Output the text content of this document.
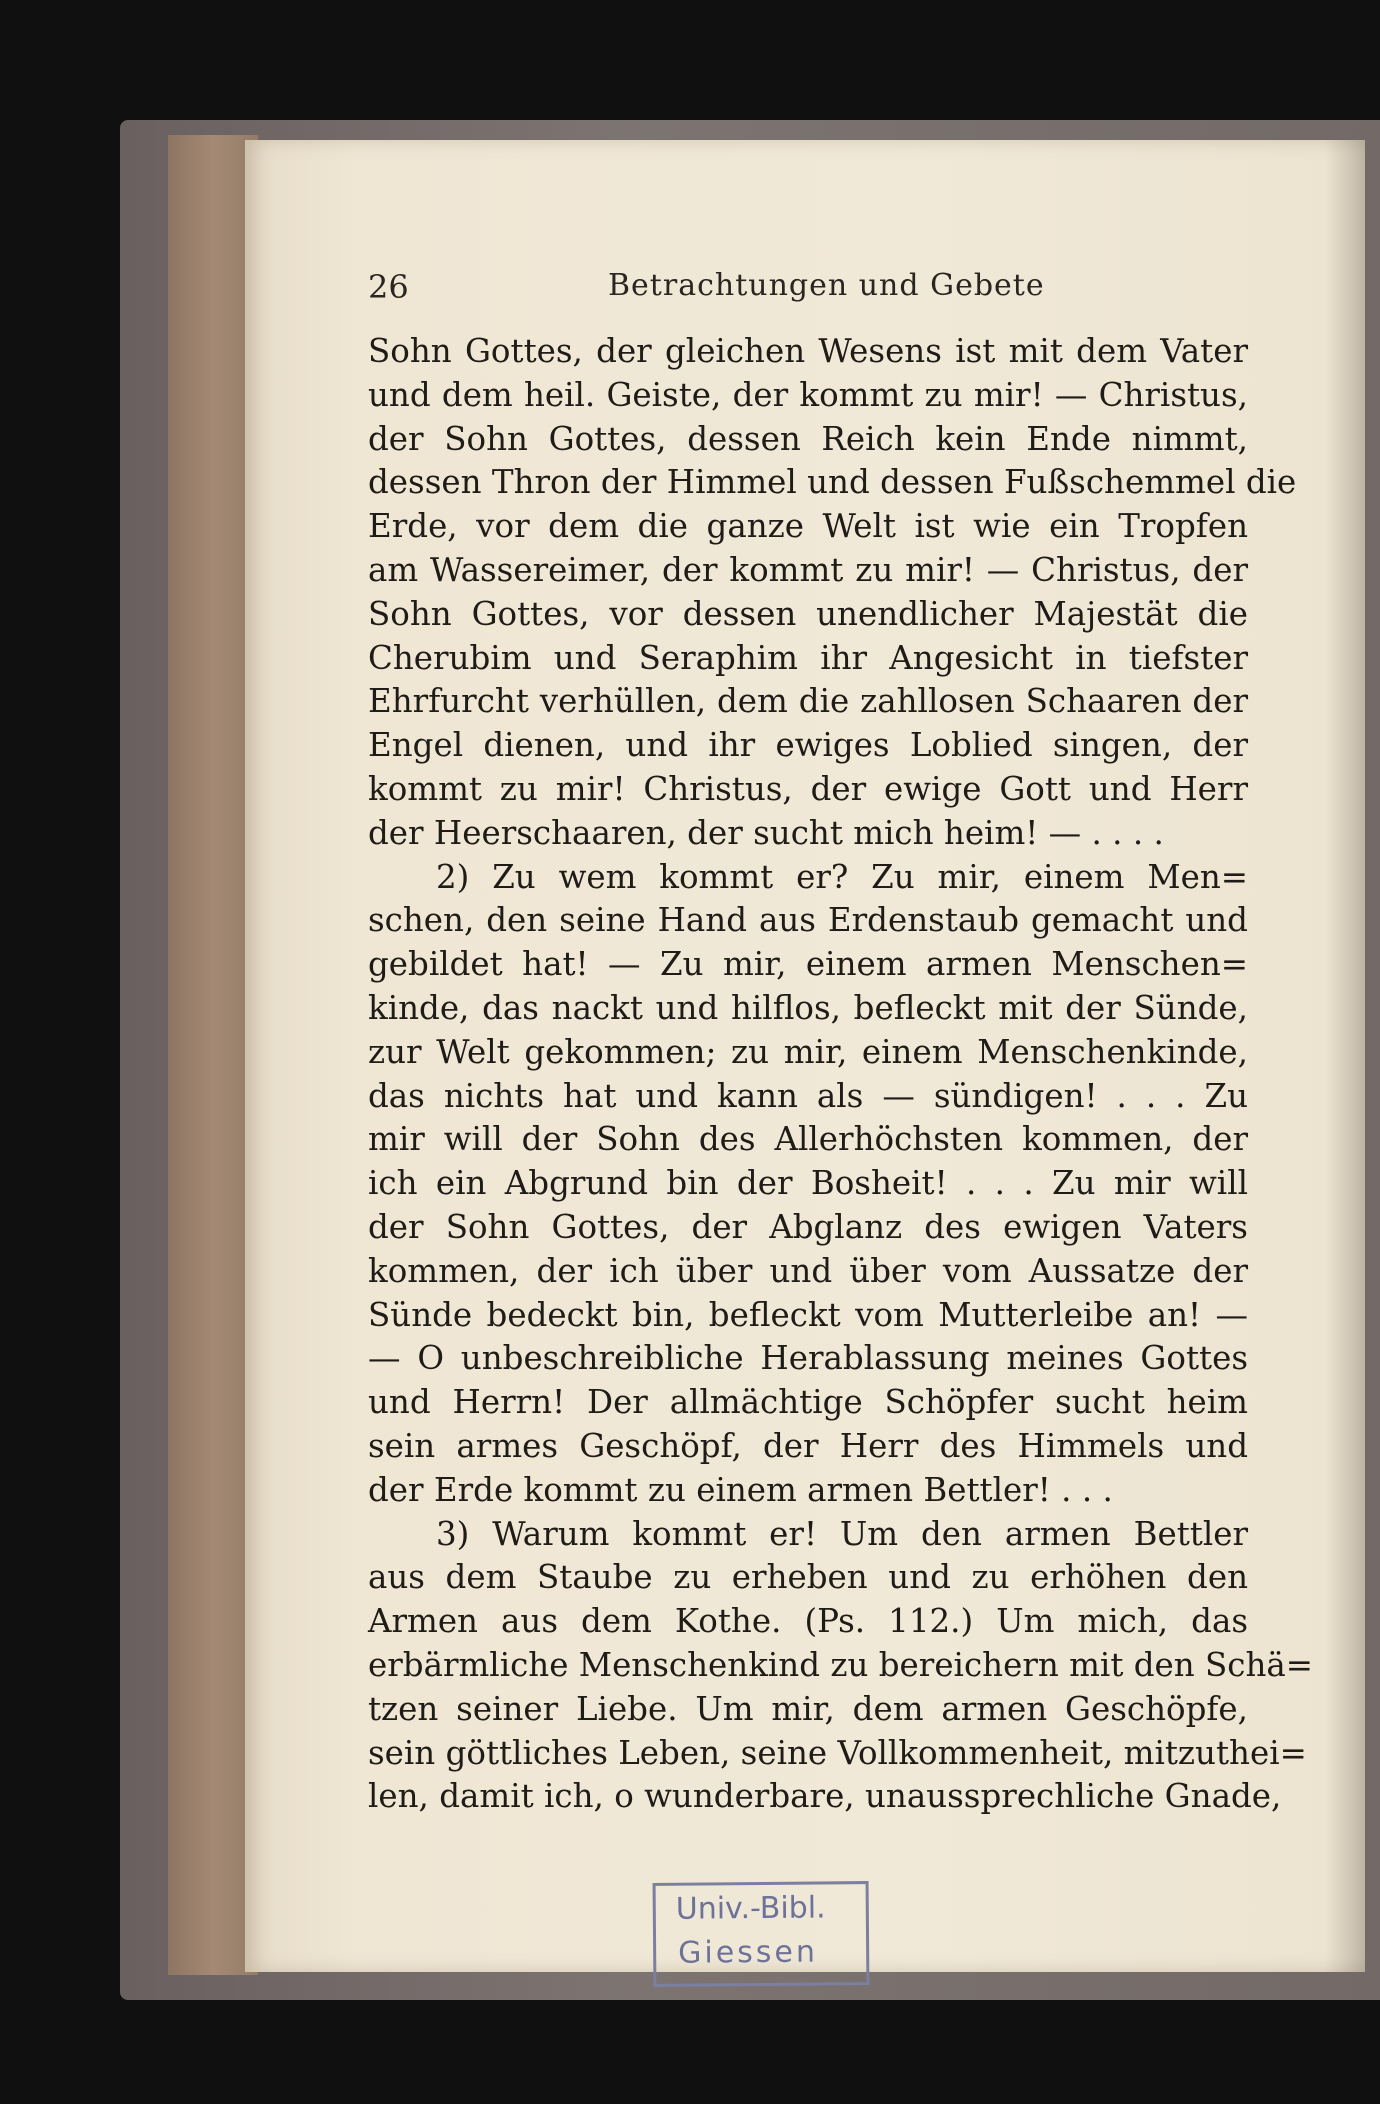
26	Betrachtungen und Gebete
Sohn Gottes, der gleichen Wesens ist mit dem Vater
und dem heil. Geiste, der kommt zu mir! — Christus,
der Sohn Gottes, dessen Reich kein Ende nimmt,
dessen Thron der Himmel und dessen Fußschemmel die
Erde, vor dem die ganze Welt ist wie ein Tropfen
am Wassereimer, der kommt zu mir! — Christus, der
Sohn Gottes, vor dessen unendlicher Majestät die
Cherubim und Seraphim ihr Angesicht in tiefster
Ehrfurcht verhüllen, dem die zahllosen Schaaren der
Engel dienen, und ihr ewiges Loblied singen, der
kommt zu mir! Christus, der ewige Gott und Herr
der Heerschaaren, der sucht mich heim! — . . . .
2) Zu wem kommt er? Zu mir, einem Men=
schen, den seine Hand aus Erdenstaub gemacht und
gebildet hat! — Zu mir, einem armen Menschen=
kinde, das nackt und hilflos, befleckt mit der Sünde,
zur Welt gekommen; zu mir, einem Menschenkinde,
das nichts hat und kann als — sündigen! . . . Zu
mir will der Sohn des Allerhöchsten kommen, der
ich ein Abgrund bin der Bosheit! . . . Zu mir will
der Sohn Gottes, der Abglanz des ewigen Vaters
kommen, der ich über und über vom Aussatze der
Sünde bedeckt bin, befleckt vom Mutterleibe an! —
— O unbeschreibliche Herablassung meines Gottes
und Herrn! Der allmächtige Schöpfer sucht heim
sein armes Geschöpf, der Herr des Himmels und
der Erde kommt zu einem armen Bettler! . . .
3) Warum kommt er! Um den armen Bettler
aus dem Staube zu erheben und zu erhöhen den
Armen aus dem Kothe. (Ps. 112.) Um mich, das
erbärmliche Menschenkind zu bereichern mit den Schä=
tzen seiner Liebe. Um mir, dem armen Geschöpfe,
sein göttliches Leben, seine Vollkommenheit, mitzuthei=
len, damit ich, o wunderbare, unaussprechliche Gnade,
Univ.-Bibl.
Giessen
